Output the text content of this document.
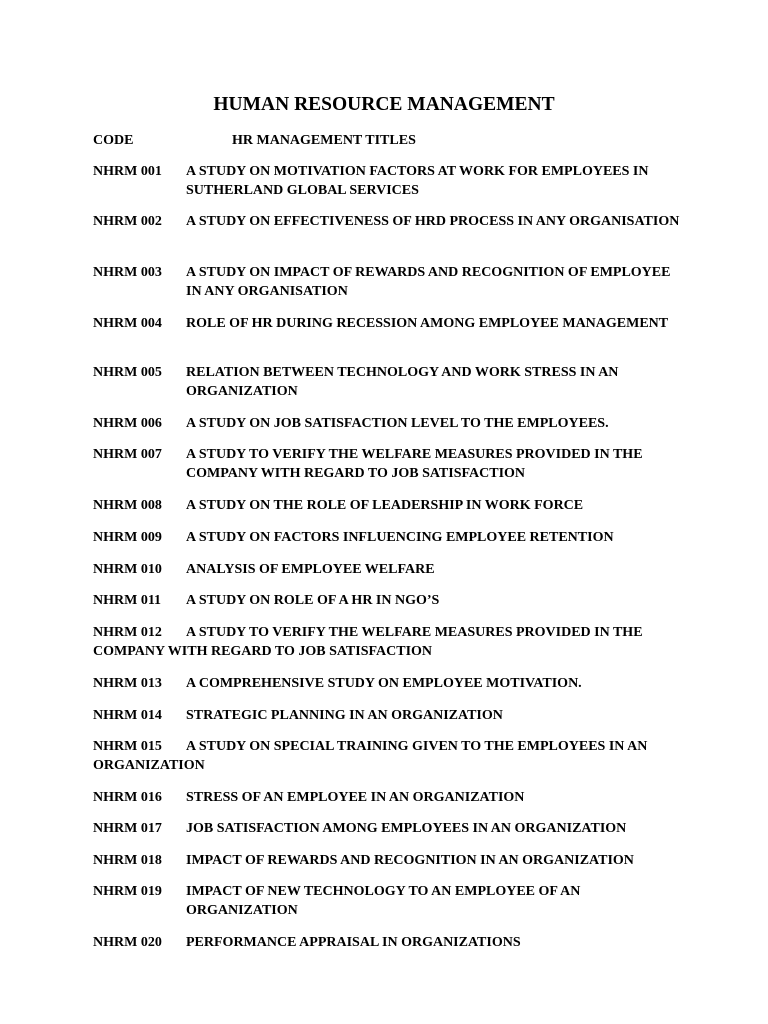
HUMAN RESOURCE MANAGEMENT
CODE	HR MANAGEMENT TITLES
NHRM 001 A STUDY ON MOTIVATION FACTORS AT WORK FOR EMPLOYEES IN SUTHERLAND GLOBAL SERVICES
NHRM 002 A STUDY ON EFFECTIVENESS OF HRD PROCESS IN ANY ORGANISATION
NHRM 003 A STUDY ON IMPACT OF REWARDS AND RECOGNITION OF EMPLOYEE IN ANY ORGANISATION
NHRM 004 ROLE OF HR DURING RECESSION AMONG EMPLOYEE MANAGEMENT
NHRM 005 RELATION BETWEEN TECHNOLOGY AND WORK STRESS IN AN ORGANIZATION
NHRM 006 A STUDY ON JOB SATISFACTION LEVEL TO THE EMPLOYEES.
NHRM 007 A STUDY TO VERIFY THE WELFARE MEASURES PROVIDED IN THE COMPANY WITH REGARD TO JOB SATISFACTION
NHRM 008 A STUDY ON THE ROLE OF LEADERSHIP IN WORK FORCE
NHRM 009 A STUDY ON FACTORS INFLUENCING EMPLOYEE RETENTION
NHRM 010 ANALYSIS OF EMPLOYEE WELFARE
NHRM 011 A STUDY ON ROLE OF A HR IN NGO’S
NHRM 012	A STUDY TO VERIFY THE WELFARE MEASURES PROVIDED IN THE COMPANY WITH REGARD TO JOB SATISFACTION
NHRM 013 A COMPREHENSIVE STUDY ON EMPLOYEE MOTIVATION.
NHRM 014 STRATEGIC PLANNING IN AN ORGANIZATION
NHRM 015	A STUDY ON SPECIAL TRAINING GIVEN TO THE EMPLOYEES IN AN ORGANIZATION
NHRM 016 STRESS OF AN EMPLOYEE IN AN ORGANIZATION
NHRM 017 JOB SATISFACTION AMONG EMPLOYEES IN AN ORGANIZATION
NHRM 018 IMPACT OF REWARDS AND RECOGNITION IN AN ORGANIZATION
NHRM 019 IMPACT OF NEW TECHNOLOGY TO AN EMPLOYEE OF AN ORGANIZATION
NHRM 020 PERFORMANCE APPRAISAL IN ORGANIZATIONS
